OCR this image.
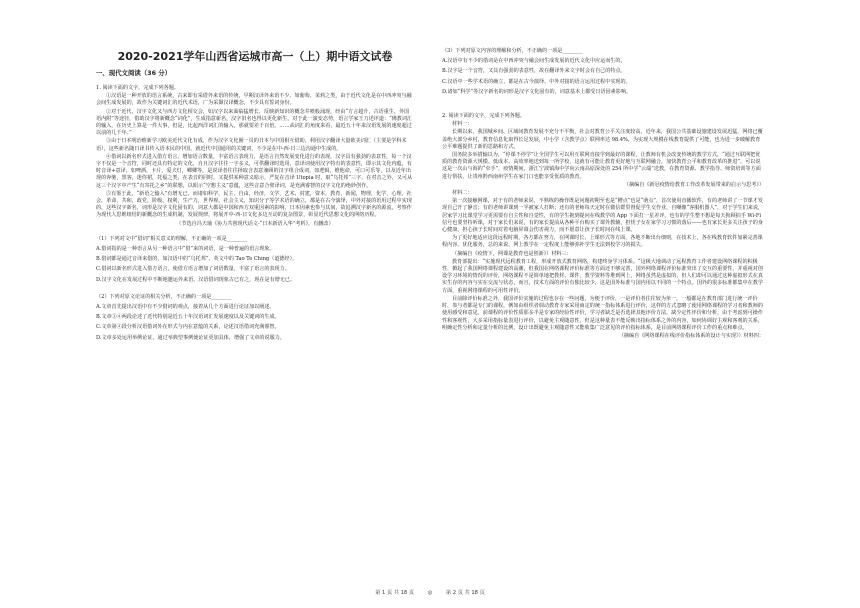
2020-2021学年山西省运城市高一（上）期中语文试卷
一、现代文阅读（36 分）

1. 阅读下面的文字，完成下列各题。

①汉语是一种开放的语言系统，古来即有采借外来语的传统，早期汉译外来语不少，如葡萄、茉莉之类，由于近代文化是在中西冲突与融会间生成发展的，故作为关键词汇的近代术语，广为采撷汉译概念，不少具有誓词身份。

②对于近代，汉字文化又与西方文化相交会，如汉字以来面临猛增长，反映新知识的概念井喷般涌现，经由“方言超升，古语重生，外国语内附”等途径，借助汉字将新概念“词化”，生成指意新名，汉字旧名也得以更化新生，对于此一演变态势，语言学家王力述评道：“佛教词汇的输入，在历史上算是一件大事，但是，比起西洋词汇的输入，那就要差千百倍。……从词汇的角度来看，最近五十年来汉语发展的速度超过以前的几千年。”

③由于日本明治维新学习欧美近代文化有成，作为汉字文化圈一员的日本与中国相互借助，利用汉字翻译大量欧美词汇（主要是学科术语），这些新名随日译书传入语本民的中国，就近代中国通用的关键词，不少是在中-西-日三边沟通中生成的。

④借词以新名形式进入借方语言，增加语言数量，丰富语言表现力，是语言自然发展变化进行的表现，汉字具有强劲的表意性，每一个汉字不仅是一个音符，同时还具有特定的文化，自且汉字往往一字多义，可供翻译时选用，意译词使用汉字特有的表意性，即示其文化内蕴，有时音译+意译，如啤酒，卡片，爱犬灯，卿卿等，是说译者往往择取含表意兼顾的汉字组合成词，如逻辑，维他命，可口可乐等，以及近年出现的奔驰，黑客，迷你裙，托福之类，在表音的同时，又提供某种意义暗示，严复在音译 Utopia 时，取“乌托邦”三字，在对音之外，又可从这三个汉字中产生“有寄托之乡”的联想，以昭示“空想主义”意蕴，这些音意合璧译词，是充满睿智的汉字文化的绝妙创作。

⑤有鉴于此，“新语之输入”有增无已，而诸如科学，民主，自由，经济，文学，艺术，封建，资本，教育，新闻，物理，化学，心理，社会，革命，共和，政党，阶级，权利，生产力，世界观，社会主义，知识分子等学术语的确立，都是在古今演绎，中外对接的语用过程中实现的，这些汉字新名，词形是汉字文化固有的，词意大都是中国和西方双重因素的影响，日本因素也参与其间，故追溯汉字新名的源流，考察作为现代人思维纽结的新概念的生成机制，发展规律，将展开中-西-日文化多边互动的复杂图景，彰显近代思想文化的网络历程。

（节选自冯天瑜《协力共创现代话文-“日本新语入华”考析》，有删改）

（1）下列对文中“借词”相关意义的理解，不正确的一项是________

A.借词指的是一种语言从另一种语言中“借”来的词语，是一种普遍的语言现象。

B.借词都是通过音译来借的，如汉语中的“乌托邦”、英文中的 Tao Te Ching（道德经）。

C.借词以新名形式进入借方语言，使借方语言增加了词语数量，丰富了语言的表现力。

D.汉字文化在发展过程中不断地邀运外来语，汉语借词现象古已有之，现在是有增无已。

（2）下列对原文论证的相关分析，不正确的一项是________

A.文章首先提出汉语中有不少借词的观点，接着从几个方面进行论证加以阐述。

B.文章③④两段论述了近代特别是近五十年汉语词汇发展速度以及关键词的生成。

C.文章第④段分析汉语借词外在形式与内在意蕴的关系，论述汉语借词充满睿智。

D.文章多处运用举例论证，通过举典型事例使论证更加具体，增强了文章的说服力。

（3）下列对原文内容的理解和分析，不正确的一项是________

A.汉语中有不少的借词是在中西冲突与融会间生成发展的近代文化中应运而生的。

B.汉字是一个音符，又具有强劲的表意性，故在翻译外来文字时会有自己的特点。

C.汉语中一些学术语的确立，都是在古今演绎、中外对接的语言运用过程中实现的。

D.诸如“科学”等汉字新名的词形是汉字文化固有的，词意基本上都受日语因素影响。

2. 阅读下面的文字，完成下列各题。

材料一：

长期以来，我国城乡间、区域间教育发展不充分不平衡，社会对教育公平关注度较高。近年来，我国公共基础设施建设发展迅猛，网络已覆盖绝大部分乡村，教育信息化取得长足发展，中小学（含教学点）联网率达 98.4%，为实现大规模在线教育提供了可能，也为进一步破解教育公平难题提供了新的思路和方式。

国务院多举措输以为，“停课不停学”让全国学生可以用互联网直接学到最好的课程，让教师有机会改变传统的教学方式，“通过互联网把优质的教育资源大规模、低成本、高效率地送到每一所学校，这就有可能让教育更好地与互联网融合，加快教育公平和教育改革的推进”。可以说这是一次山与海的“牵手”，疫情期间，浙江宁波镇海中学向云南高原深处的 254 所中学“云端”送教，在教育资源、教学指导、师资培训等方面进行帮扶，让贵州黔西南州学生在家门口也能享受优质的教育。

（摘编自《新冠疫情给教育工作改革发展带来的启示与思考》）

材料二：

第一次接触网课，对于有的老师来说，不熟练的操作既是问题初期至也是“槽点”也是“萌点”，首次使用直播软件，有的老师讲了一节课才发现自己开了静音；有的老师讲课到一半被家人打断；还有的老师每天定时在微信群里督促学生交作业，自嘲像“客服机器人”，对于学生们来说，居家学习比课堂学习更需要有自主性和自觉性，有的学生拖到提问在线教学的 App 下面打一星差评，也有的学生整不想是每天拘顾拍手 Wi-Fi 信号也要坚持听课，对于家长们来说，有的家长提前从各种平台购买了课外教辅，担忧子女在家学习习惯的落后——也有家长更多关注孩子的身心健康，担心孩子长时间对着电脑屏幕会伤害视力，而不愿意让孩子长时间在线上课。

为了更好地适应这段远程时期，各方都在努力，在网课时长、上课形式等方面，各地不断出台细则，在技术上，各在线教育软件加紧完善课程内容、优化服务，总的来说，网上教学在一定程度上能够弥补学生无法到校学习的损失。

（摘编自《疫情下，网课是教育也是创新》）材料三：

教育部提出：“实施现代远程教育工程，形成开放式教育网络，构建终身学习体系。“这极大地调动了远程教育工作者建设网络课程的积极性，掀起了我国网络课程建设的高潮，但我国在网络课程评价标准等方面还不够完善，国外网络课程评价标准突出了交互的重要性，并重视对创设学习环境的情况的评价，网络课程不是简单地把教材、课件，教学资料等堆到网上，网络虽然是虚拟的，但人们却可以通过这种虚拟形式在真实生存的内容与实在交流与状态，而且，技术方面的评价有独比较少，这是国外标准与国内用以不同的一个特点。国外的很多标准都集中在教学方面，重视网络课程的可用性评价。

目前除评价标准之外，我国评价实施的过程也存在一些问题，为便于评价，一是评价者往往较为单一，一般都是在教育部门进行统一评价时，参与者都是专门的课程，例如由组织者调动教育专家采用商定的统一指标体系进行评价，这样的方式忽略了使用网络课程的学习者和教师的使用感受和意见，前课程的评价性质那多半是专家的经验性评价，学习者缺乏是否选择其他评价方法，缺少定性评价和分析，由于考虑到可操作性和客观性，大多采用指标量表进行评价，以避免主观随意性，但是这种量表不能反映出指标体系之外的内容，如何协调好主观和客观的关系，明确定性分析和定量分析的比例，设计出既避免主观随意性又能收集广泛意见的评价指标体系，是目前网络课程评价工作的重点和难点。

（摘编自《网络课程在线评价指标体系的设计与实现》）材料四：

第 1 页 共 18 页	◎	第 2 页 共 18 页
